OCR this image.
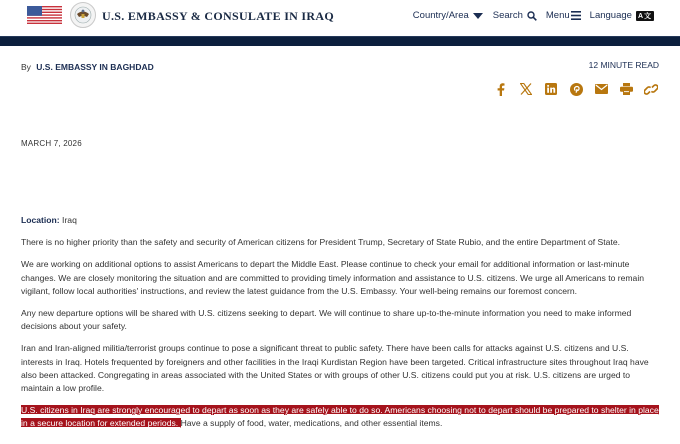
U.S. EMBASSY & CONSULATE IN IRAQ	Country/Area	Search Menu Language A文
By U.S. EMBASSY IN BAGHDAD	12 MINUTE READ
MARCH 7, 2026

Location: Iraq

There is no higher priority than the safety and security of American citizens for President Trump, Secretary of State Rubio, and the entire Department of State.

We are working on additional options to assist Americans to depart the Middle East. Please continue to check your email for additional information or last-minute changes. We are closely monitoring the situation and are committed to providing timely information and assistance to U.S. citizens. We urge all Americans to remain vigilant, follow local authorities' instructions, and review the latest guidance from the U.S. Embassy. Your well-being remains our foremost concern.

Any new departure options will be shared with U.S. citizens seeking to depart. We will continue to share up-to-the-minute information you need to make informed decisions about your safety.

Iran and Iran-aligned militia/terrorist groups continue to pose a significant threat to public safety. There have been calls for attacks against U.S. citizens and U.S. interests in Iraq. Hotels frequented by foreigners and other facilities in the Iraqi Kurdistan Region have been targeted. Critical infrastructure sites throughout Iraq have also been attacked. Congregating in areas associated with the United States or with groups of other U.S. citizens could put you at risk. U.S. citizens are urged to maintain a low profile.

U.S. citizens in Iraq are strongly encouraged to depart as soon as they are safely able to do so. Americans choosing not to depart should be prepared to shelter in place in a secure location for extended periods. Have a supply of food, water, medications, and other essential items.
